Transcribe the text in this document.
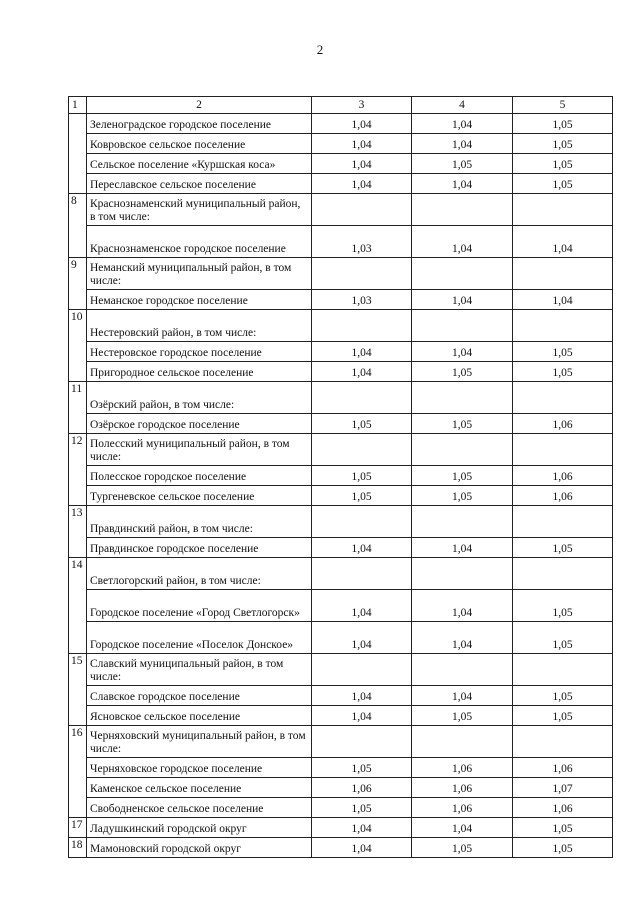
2
1	2	3	4	5
	Зеленоградское городское поселение	1,04	1,04	1,05
	Ковровское сельское поселение	1,04	1,04	1,05
	Сельское поселение «Куршская коса»	1,04	1,05	1,05
	Переславское сельское поселение	1,04	1,04	1,05
8	Краснознаменский муниципальный район, в том числе:			
	Краснознаменское городское поселение	1,03	1,04	1,04
9	Неманский муниципальный район, в том числе:			
	Неманское городское поселение	1,03	1,04	1,04
10	Нестеровский район, в том числе:			
	Нестеровское городское поселение	1,04	1,04	1,05
	Пригородное сельское поселение	1,04	1,05	1,05
11	Озёрский район, в том числе:			
	Озёрское городское поселение	1,05	1,05	1,06
12	Полесский муниципальный район, в том числе:			
	Полесское городское поселение	1,05	1,05	1,06
	Тургеневское сельское поселение	1,05	1,05	1,06
13	Правдинский район, в том числе:			
	Правдинское городское поселение	1,04	1,04	1,05
14	Светлогорский район, в том числе:			
	Городское поселение «Город Светлогорск»	1,04	1,04	1,05
	Городское поселение «Поселок Донское»	1,04	1,04	1,05
15	Славский муниципальный район, в том числе:			
	Славское городское поселение	1,04	1,04	1,05
	Ясновское сельское поселение	1,04	1,05	1,05
16	Черняховский муниципальный район, в том числе:			
	Черняховское городское поселение	1,05	1,06	1,06
	Каменское сельское поселение	1,06	1,06	1,07
	Свободненское сельское поселение	1,05	1,06	1,06
17	Ладушкинский городской округ	1,04	1,04	1,05
18	Мамоновский городской округ	1,04	1,05	1,05
